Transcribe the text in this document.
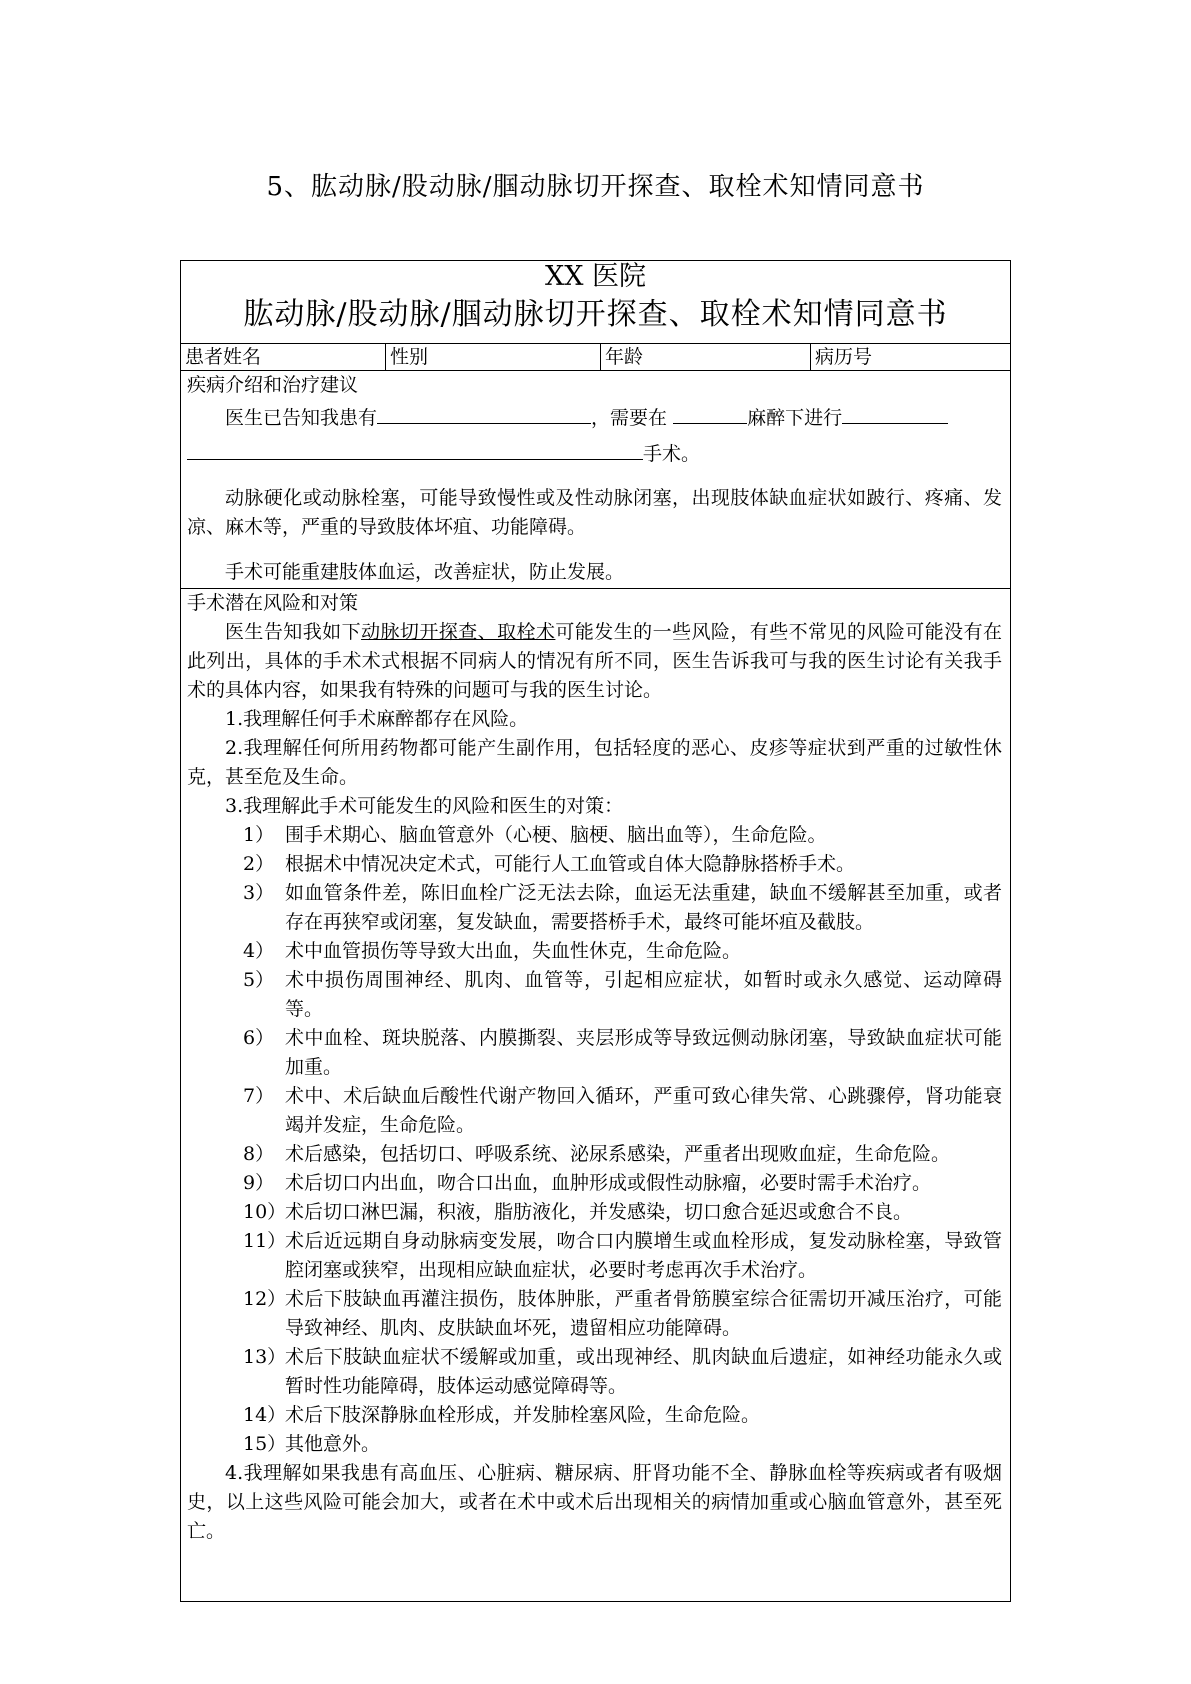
5、肱动脉/股动脉/腘动脉切开探查、取栓术知情同意书
XX 医院
肱动脉/股动脉/腘动脉切开探查、取栓术知情同意书

患者姓名	性别	年龄	病历号

疾病介绍和治疗建议

医生已告知我患有	，需要在	麻醉下进行

手术。

动脉硬化或动脉栓塞，可能导致慢性或及性动脉闭塞，出现肢体缺血症状如跛行、疼痛、发凉、麻木等，严重的导致肢体坏疽、功能障碍。

手术可能重建肢体血运，改善症状，防止发展。

手术潜在风险和对策

医生告知我如下动脉切开探查、取栓术可能发生的一些风险，有些不常见的风险可能没有在此列出，具体的手术术式根据不同病人的情况有所不同，医生告诉我可与我的医生讨论有关我手术的具体内容，如果我有特殊的问题可与我的医生讨论。

1.我理解任何手术麻醉都存在风险。

2.我理解任何所用药物都可能产生副作用，包括轻度的恶心、皮疹等症状到严重的过敏性休克，甚至危及生命。

3.我理解此手术可能发生的风险和医生的对策：

1） 围手术期心、脑血管意外（心梗、脑梗、脑出血等），生命危险。
2） 根据术中情况决定术式，可能行人工血管或自体大隐静脉搭桥手术。
3） 如血管条件差，陈旧血栓广泛无法去除，血运无法重建，缺血不缓解甚至加重，或者存在再狭窄或闭塞，复发缺血，需要搭桥手术，最终可能坏疽及截肢。
4） 术中血管损伤等导致大出血，失血性休克，生命危险。
5） 术中损伤周围神经、肌肉、血管等，引起相应症状，如暂时或永久感觉、运动障碍等。
6） 术中血栓、斑块脱落、内膜撕裂、夹层形成等导致远侧动脉闭塞，导致缺血症状可能加重。
7） 术中、术后缺血后酸性代谢产物回入循环，严重可致心律失常、心跳骤停，肾功能衰竭并发症，生命危险。
8） 术后感染，包括切口、呼吸系统、泌尿系感染，严重者出现败血症，生命危险。
9） 术后切口内出血，吻合口出血，血肿形成或假性动脉瘤，必要时需手术治疗。
10）
术后切口淋巴漏，积液，脂肪液化，并发感染，切口愈合延迟或愈合不良。
11）
术后近远期自身动脉病变发展，吻合口内膜增生或血栓形成，复发动脉栓塞，导致管腔闭塞或狭窄，出现相应缺血症状，必要时考虑再次手术治疗。
12）
术后下肢缺血再灌注损伤，肢体肿胀，严重者骨筋膜室综合征需切开减压治疗，可能导致神经、肌肉、皮肤缺血坏死，遗留相应功能障碍。
13）
术后下肢缺血症状不缓解或加重，或出现神经、肌肉缺血后遗症，如神经功能永久或暂时性功能障碍，肢体运动感觉障碍等。
14）
术后下肢深静脉血栓形成，并发肺栓塞风险，生命危险。
15）
其他意外。

4.我理解如果我患有高血压、心脏病、糖尿病、肝肾功能不全、静脉血栓等疾病或者有吸烟史，以上这些风险可能会加大，或者在术中或术后出现相关的病情加重或心脑血管意外，甚至死亡。
